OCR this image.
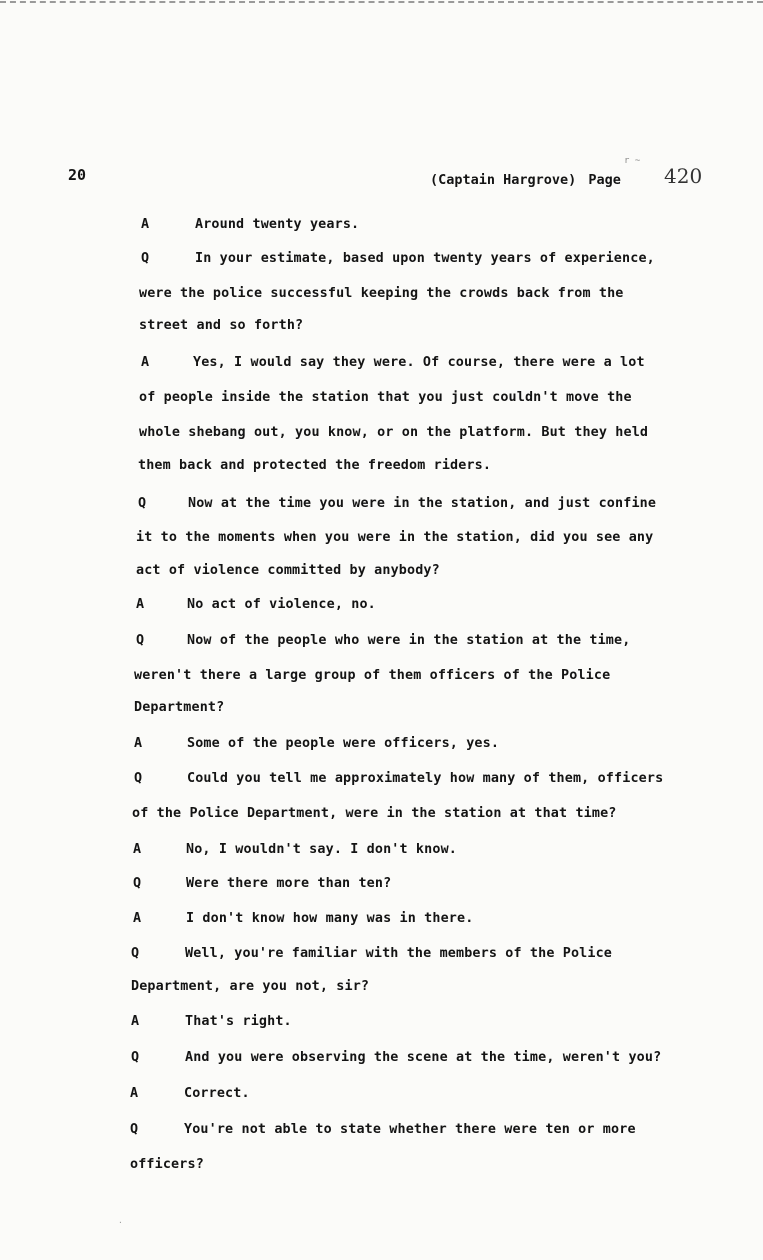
20	(Captain Hargrove) Page
r ~
420
A	Around twenty years.
Q	In your estimate, based upon twenty years of experience,
were the police successful keeping the crowds back from the
street and so forth?
A	Yes, I would say they were. Of course, there were a lot
of people inside the station that you just couldn't move the
whole shebang out, you know, or on the platform. But they held
them back and protected the freedom riders.
Q	Now at the time you were in the station, and just confine
it to the moments when you were in the station, did you see any
act of violence committed by anybody?
A	No act of violence, no.
Q	Now of the people who were in the station at the time,
weren't there a large group of them officers of the Police
Department?
A	Some of the people were officers, yes.
Q	Could you tell me approximately how many of them, officers
of the Police Department, were in the station at that time?
A	No, I wouldn't say. I don't know.
Q	Were there more than ten?
A	I don't know how many was in there.
Q	Well, you're familiar with the members of the Police
Department, are you not, sir?
A	That's right.
Q	And you were observing the scene at the time, weren't you?
A	Correct.
Q	You're not able to state whether there were ten or more
officers?
·
